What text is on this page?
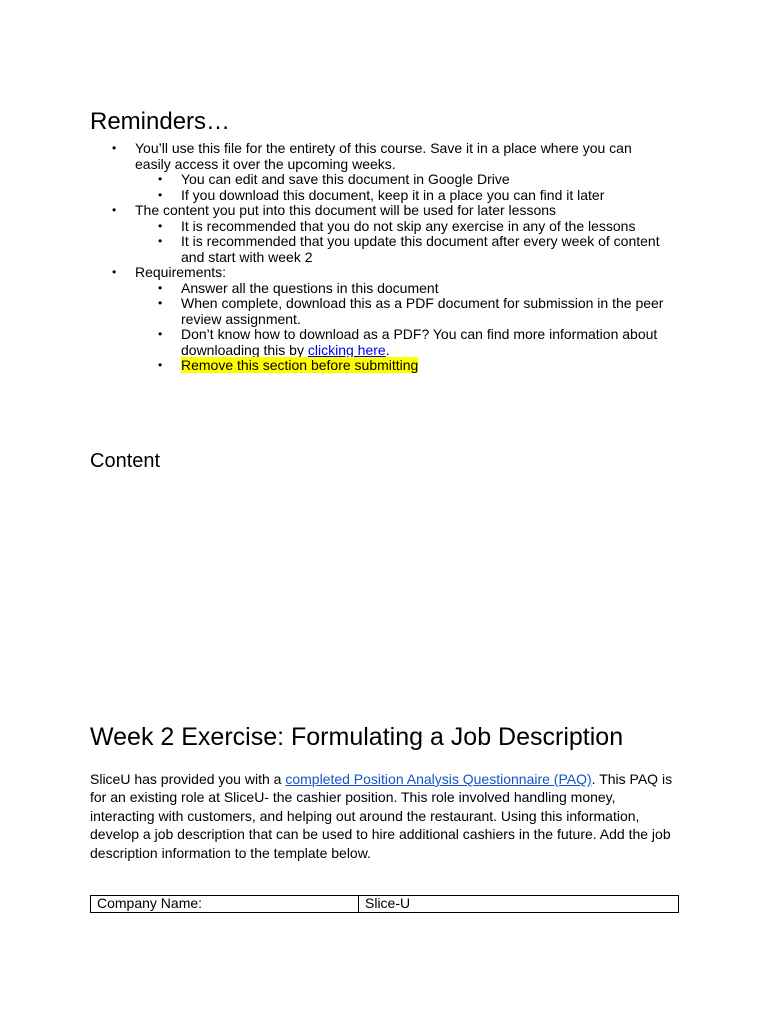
Reminders…
• You’ll use this file for the entirety of this course. Save it in a place where you can easily access it over the upcoming weeks.
• You can edit and save this document in Google Drive
• If you download this document, keep it in a place you can find it later
• The content you put into this document will be used for later lessons
• It is recommended that you do not skip any exercise in any of the lessons
• It is recommended that you update this document after every week of content and start with week 2
• Requirements:
• Answer all the questions in this document
• When complete, download this as a PDF document for submission in the peer review assignment.
• Don’t know how to download as a PDF? You can find more information about downloading this by clicking here.
• Remove this section before submitting
Content
Week 2 Exercise: Formulating a Job Description

SliceU has provided you with a completed Position Analysis Questionnaire (PAQ). This PAQ is for an existing role at SliceU- the cashier position. This role involved handling money, interacting with customers, and helping out around the restaurant. Using this information, develop a job description that can be used to hire additional cashiers in the future. Add the job description information to the template below.

Company Name:	Slice-U
